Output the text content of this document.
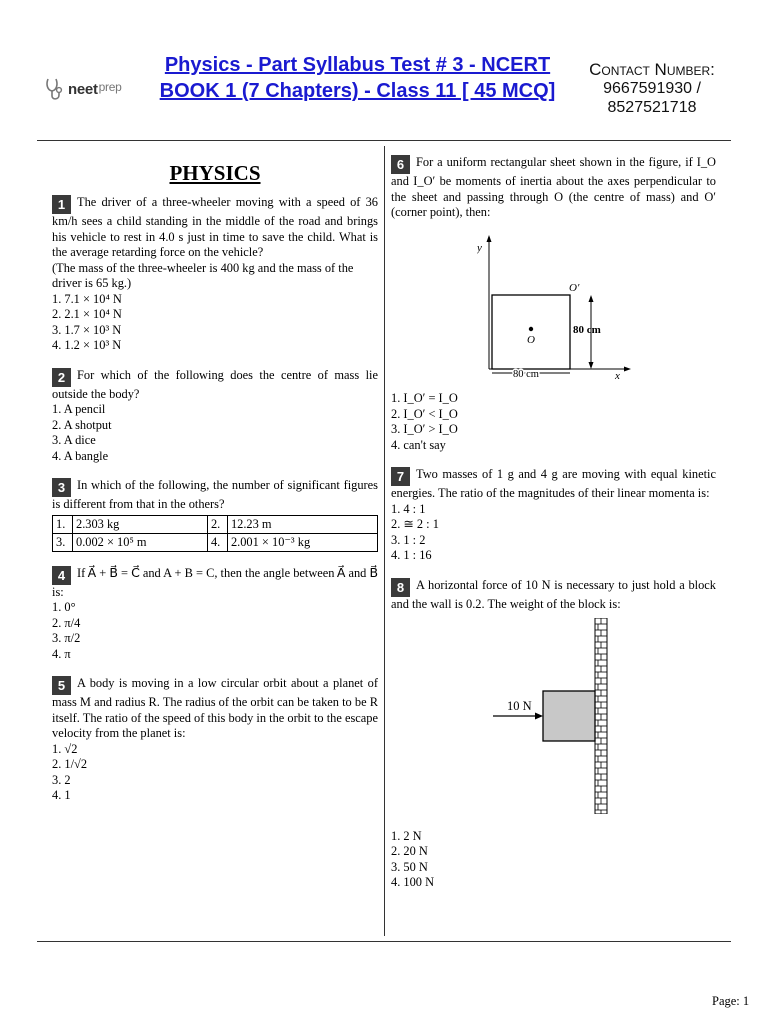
neet$^{prep}$
Physics - Part Syllabus Test # 3 - NCERT BOOK 1 (7 Chapters) - Class 11 [ 45 MCQ]
Contact Number:
9667591930 / 8527521718
PHYSICS
1 The driver of a three-wheeler moving with a speed of 36 km/h sees a child standing in the middle of the road and brings his vehicle to rest in 4.0 s just in time to save the child. What is the average retarding force on the vehicle?
(The mass of the three-wheeler is 400 kg and the mass of the driver is 65 kg.)
1. 7.1 × 10⁴ N
2. 2.1 × 10⁴ N
3. 1.7 × 10³ N
4. 1.2 × 10³ N
2 For which of the following does the centre of mass lie outside the body?
1. A pencil
2. A shotput
3. A dice
4. A bangle
3 In which of the following, the number of significant figures is different from that in the others?
1.	2.303 kg	2.	12.23 m
3.	0.002 × 10⁵ m	4.	2.001 × 10⁻³ kg
4 If A⃗ + B⃗ = C⃗ and A + B = C, then the angle between A⃗ and B⃗ is:
1. 0°
2. π/4
3. π/2
4. π
5 A body is moving in a low circular orbit about a planet of mass M and radius R. The radius of the orbit can be taken to be R itself. The ratio of the speed of this body in the orbit to the escape velocity from the planet is:
1. √2
2. 1/√2
3. 2
4. 1
6 For a uniform rectangular sheet shown in the figure, if I_O and I_O′ be moments of inertia about the axes perpendicular to the sheet and passing through O (the centre of mass) and O′ (corner point), then:
y
x
O
O′
80 cm
80 cm
1. I_O′ = I_O
2. I_O′ < I_O
3. I_O′ > I_O
4. can't say
7 Two masses of 1 g and 4 g are moving with equal kinetic energies. The ratio of the magnitudes of their linear momenta is:
1. 4 : 1
2. ≅ 2 : 1
3. 1 : 2
4. 1 : 16
8 A horizontal force of 10 N is necessary to just hold a block and the wall is 0.2. The weight of the block is:
10 N
1. 2 N
2. 20 N
3. 50 N
4. 100 N
Page: 1
